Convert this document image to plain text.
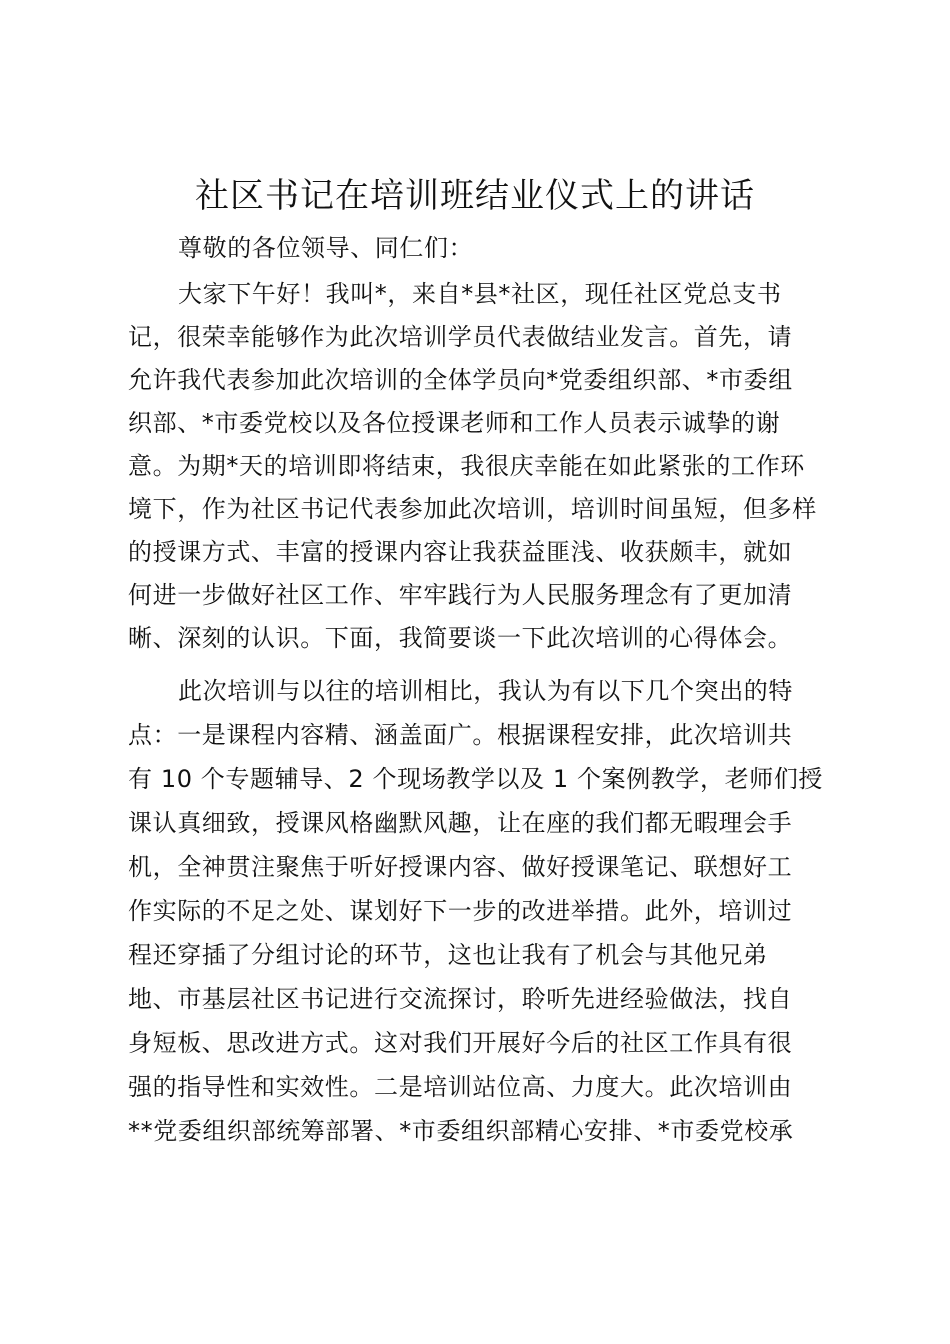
社区书记在培训班结业仪式上的讲话

尊敬的各位领导、同仁们：

大家下午好！我叫*，来自*县*社区，现任社区党总支书

记，很荣幸能够作为此次培训学员代表做结业发言。首先，请

允许我代表参加此次培训的全体学员向*党委组织部、*市委组

织部、*市委党校以及各位授课老师和工作人员表示诚挚的谢

意。为期*天的培训即将结束，我很庆幸能在如此紧张的工作环

境下，作为社区书记代表参加此次培训，培训时间虽短，但多样

的授课方式、丰富的授课内容让我获益匪浅、收获颇丰，就如

何进一步做好社区工作、牢牢践行为人民服务理念有了更加清

晰、深刻的认识。下面，我简要谈一下此次培训的心得体会。

此次培训与以往的培训相比，我认为有以下几个突出的特

点：一是课程内容精、涵盖面广。根据课程安排，此次培训共

有 10 个专题辅导、2 个现场教学以及 1 个案例教学，老师们授

课认真细致，授课风格幽默风趣，让在座的我们都无暇理会手

机，全神贯注聚焦于听好授课内容、做好授课笔记、联想好工

作实际的不足之处、谋划好下一步的改进举措。此外，培训过

程还穿插了分组讨论的环节，这也让我有了机会与其他兄弟

地、市基层社区书记进行交流探讨，聆听先进经验做法，找自

身短板、思改进方式。这对我们开展好今后的社区工作具有很

强的指导性和实效性。二是培训站位高、力度大。此次培训由

**党委组织部统筹部署、*市委组织部精心安排、*市委党校承
